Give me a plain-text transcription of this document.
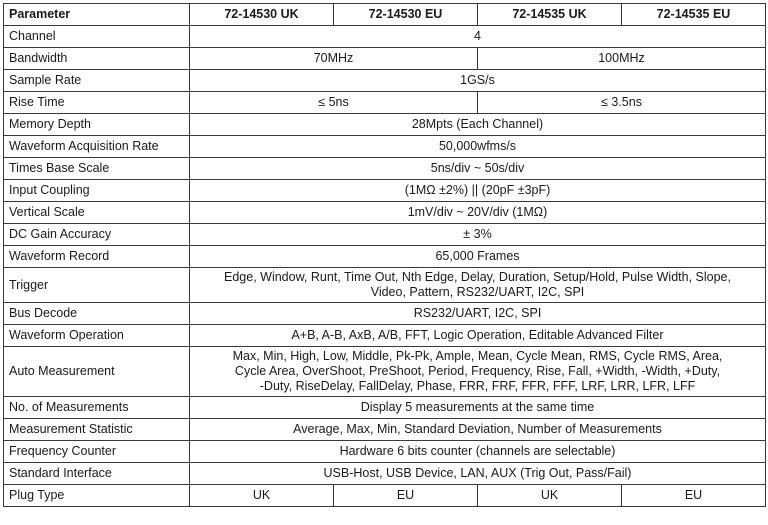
Parameter	72-14530 UK	72-14530 EU	72-14535 UK	72-14535 EU
Channel	4			
Bandwidth	70MHz		100MHz	
Sample Rate	1GS/s			
Rise Time	≤ 5ns		≤ 3.5ns	
Memory Depth	28Mpts (Each Channel)			
Waveform Acquisition Rate	50,000wfms/s			
Times Base Scale	5ns/div ~ 50s/div			
Input Coupling	(1MΩ ±2%) || (20pF ±3pF)			
Vertical Scale	1mV/div ~ 20V/div (1MΩ)			
DC Gain Accuracy	± 3%			
Waveform Record	65,000 Frames			
Trigger	Edge, Window, Runt, Time Out, Nth Edge, Delay, Duration, Setup/Hold, Pulse Width, Slope,
Video, Pattern, RS232/UART, I2C, SPI			

Bus Decode	RS232/UART, I2C, SPI			
Waveform Operation	A+B, A-B, AxB, A/B, FFT, Logic Operation, Editable Advanced Filter			
Auto Measurement	Max, Min, High, Low, Middle, Pk-Pk, Ample, Mean, Cycle Mean, RMS, Cycle RMS, Area,
Cycle Area, OverShoot, PreShoot, Period, Frequency, Rise, Fall, +Width, -Width, +Duty,
-Duty, RiseDelay, FallDelay, Phase, FRR, FRF, FFR, FFF, LRF, LRR, LFR, LFF			

No. of Measurements	Display 5 measurements at the same time			
Measurement Statistic	Average, Max, Min, Standard Deviation, Number of Measurements			
Frequency Counter	Hardware 6 bits counter (channels are selectable)			
Standard Interface	USB-Host, USB Device, LAN, AUX (Trig Out, Pass/Fail)			
Plug Type	UK	EU	UK	EU
